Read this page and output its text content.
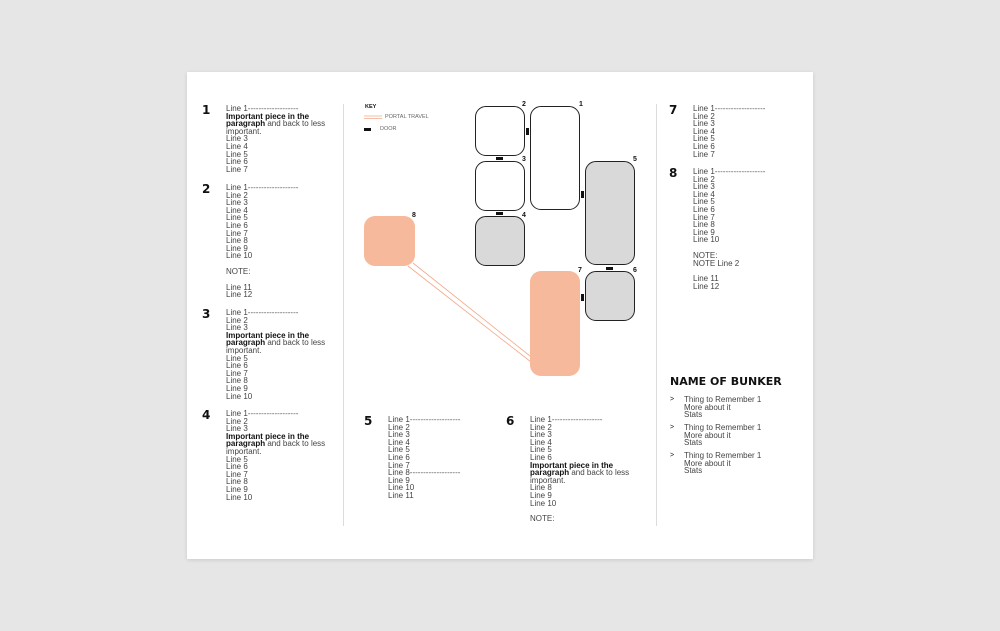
1 Line 1 -----
Important piece in the paragraph and back to less important.
Line 3
Line 4
Line 5
Line 6
Line 7
2 Line 1 -----
Line 2
Line 3
Line 4
Line 5
Line 6
Line 7
Line 8
Line 9
Line 10
NOTE:
Line 11
Line 12
3 Line 1 -----
Line 2
Line 3
Important piece in the paragraph and back to less important.
Line 5
Line 6
Line 7
Line 8
Line 9
Line 10
4 Line 1 -----
Line 2
Line 3
Important piece in the paragraph and back to less important.
Line 5
Line 6
Line 7
Line 8
Line 9
Line 10
KEY
PORTAL TRAVEL
DOOR
2	1
3
4
5
6
7
8
5 Line 1 -----
Line 2
Line 3
Line 4
Line 5
Line 6
Line 7
Line 8 -----
Line 9
Line 10
Line 11
6 Line 1 -----
Line 2
Line 3
Line 4
Line 5
Line 6
Important piece in the paragraph and back to less important.
Line 8
Line 9
Line 10
NOTE:
7 Line 1 -----
Line 2
Line 3
Line 4
Line 5
Line 6
Line 7
8 Line 1 -----
Line 2
Line 3
Line 4
Line 5
Line 6
Line 7
Line 8
Line 9
Line 10
NOTE:
NOTE Line 2
Line 11
Line 12
NAME OF BUNKER
> Thing to Remember 1
More about it
Stats
> Thing to Remember 1
More about it
Stats
> Thing to Remember 1
More about it
Stats
